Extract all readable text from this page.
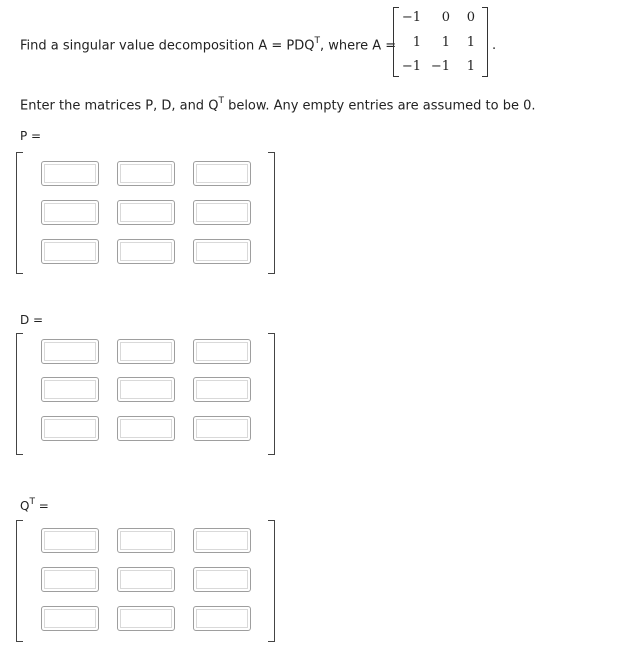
Find a singular value decomposition $A = PDQ^T$, where A =
−1	0	0
1	1	1
−1 −1	1
.
Enter the matrices P, D, and $Q^T$ below. Any empty entries are assumed to be 0.
P =
D =
$Q^T$ =
